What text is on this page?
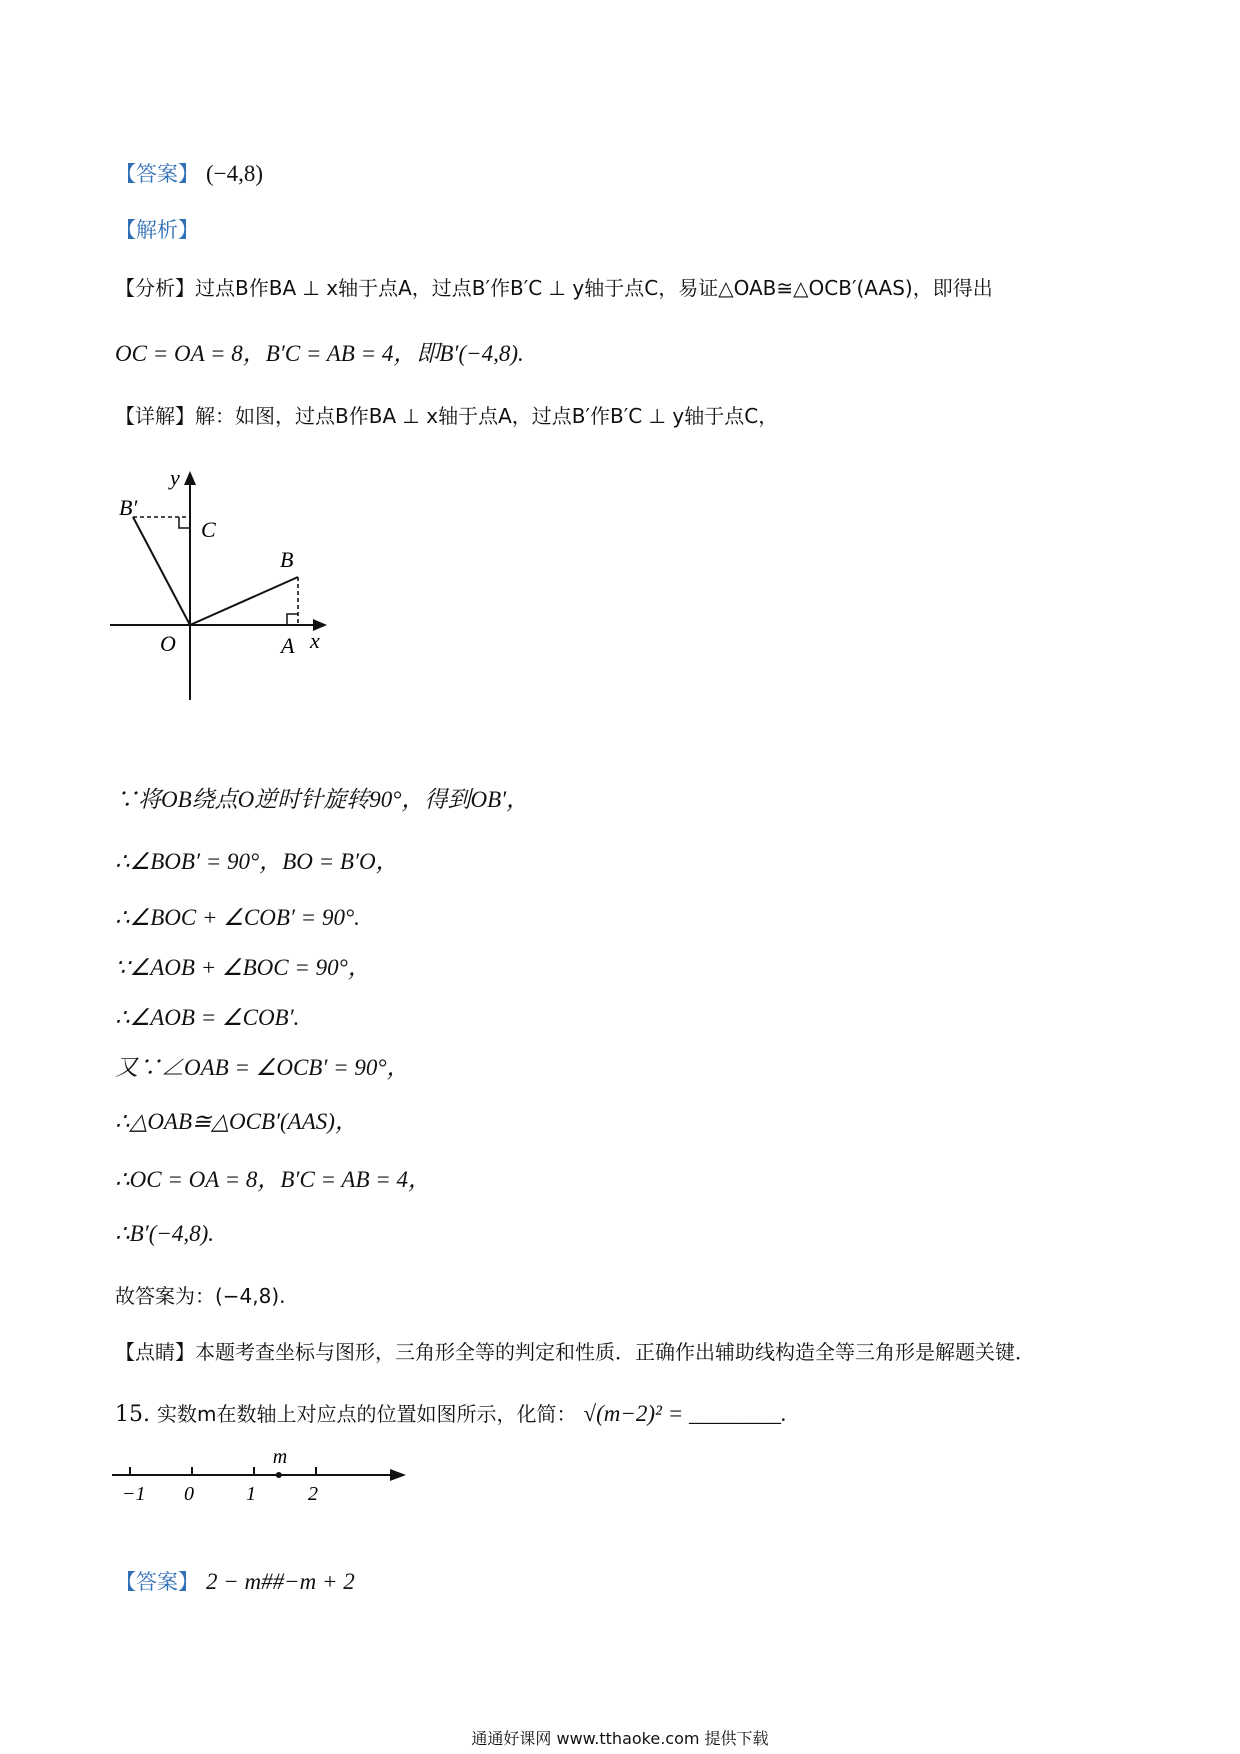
【答案】 (−4,8)
【解析】
【分析】过点B作BA ⊥ x轴于点A，过点B′作B′C ⊥ y轴于点C，易证△OAB≅△OCB′(AAS)，即得出
OC = OA = 8，B′C = AB = 4，即B′(−4,8).
【详解】解：如图，过点B作BA ⊥ x轴于点A，过点B′作B′C ⊥ y轴于点C，
y
B′
C
B
O	A x
∵将OB绕点O逆时针旋转90°，得到OB′，
∴∠BOB′ = 90°，BO = B′O，
∴∠BOC + ∠COB′ = 90°.
∵∠AOB + ∠BOC = 90°，
∴∠AOB = ∠COB′.
又∵∠OAB = ∠OCB′ = 90°，
∴△OAB≅△OCB′(AAS)，
∴OC = OA = 8，B′C = AB = 4，
∴B′(−4,8).
故答案为：(−4,8).
【点睛】本题考查坐标与图形，三角形全等的判定和性质．正确作出辅助线构造全等三角形是解题关键．
15. 实数m在数轴上对应点的位置如图所示，化简： √(m−2)² = ________.
−1 0	1	2
m
【答案】 2 − m##−m + 2
通通好课网 www.tthaoke.com 提供下载
